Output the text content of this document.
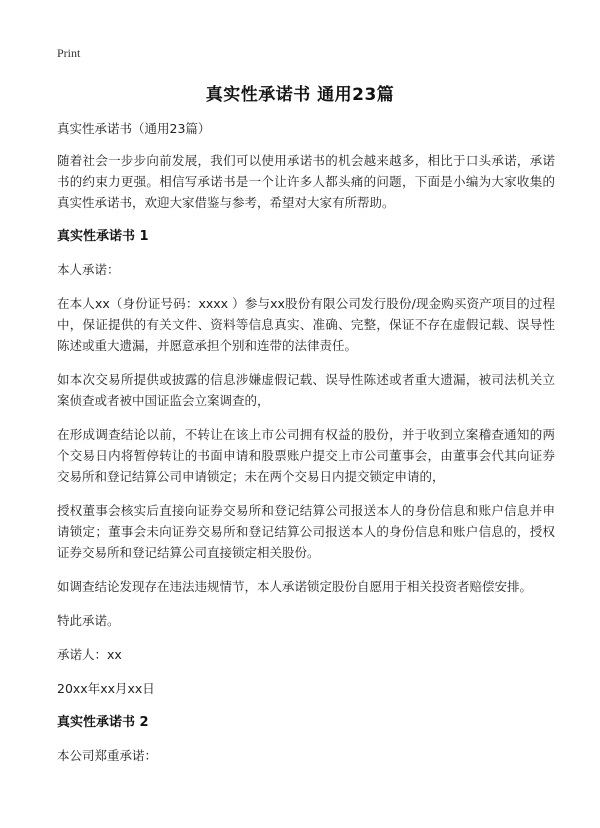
Print
真实性承诺书 通用23篇

真实性承诺书（通用23篇）

随着社会一步步向前发展，我们可以使用承诺书的机会越来越多，相比于口头承诺，承诺书的约束力更强。相信写承诺书是一个让许多人都头痛的问题，下面是小编为大家收集的真实性承诺书，欢迎大家借鉴与参考，希望对大家有所帮助。

真实性承诺书 1

本人承诺：

在本人xx（身份证号码：xxxx ）参与xx股份有限公司发行股份/现金购买资产项目的过程中，保证提供的有关文件、资料等信息真实、准确、完整，保证不存在虚假记载、误导性陈述或重大遗漏，并愿意承担个别和连带的法律责任。

如本次交易所提供或披露的信息涉嫌虚假记载、误导性陈述或者重大遗漏，被司法机关立案侦查或者被中国证监会立案调查的，

在形成调查结论以前，不转让在该上市公司拥有权益的股份，并于收到立案稽查通知的两个交易日内将暂停转让的书面申请和股票账户提交上市公司董事会，由董事会代其向证券交易所和登记结算公司申请锁定；未在两个交易日内提交锁定申请的，

授权董事会核实后直接向证券交易所和登记结算公司报送本人的身份信息和账户信息并申请锁定；董事会未向证券交易所和登记结算公司报送本人的身份信息和账户信息的，授权证券交易所和登记结算公司直接锁定相关股份。

如调查结论发现存在违法违规情节，本人承诺锁定股份自愿用于相关投资者赔偿安排。

特此承诺。

承诺人：xx

20xx年xx月xx日

真实性承诺书 2

本公司郑重承诺：
